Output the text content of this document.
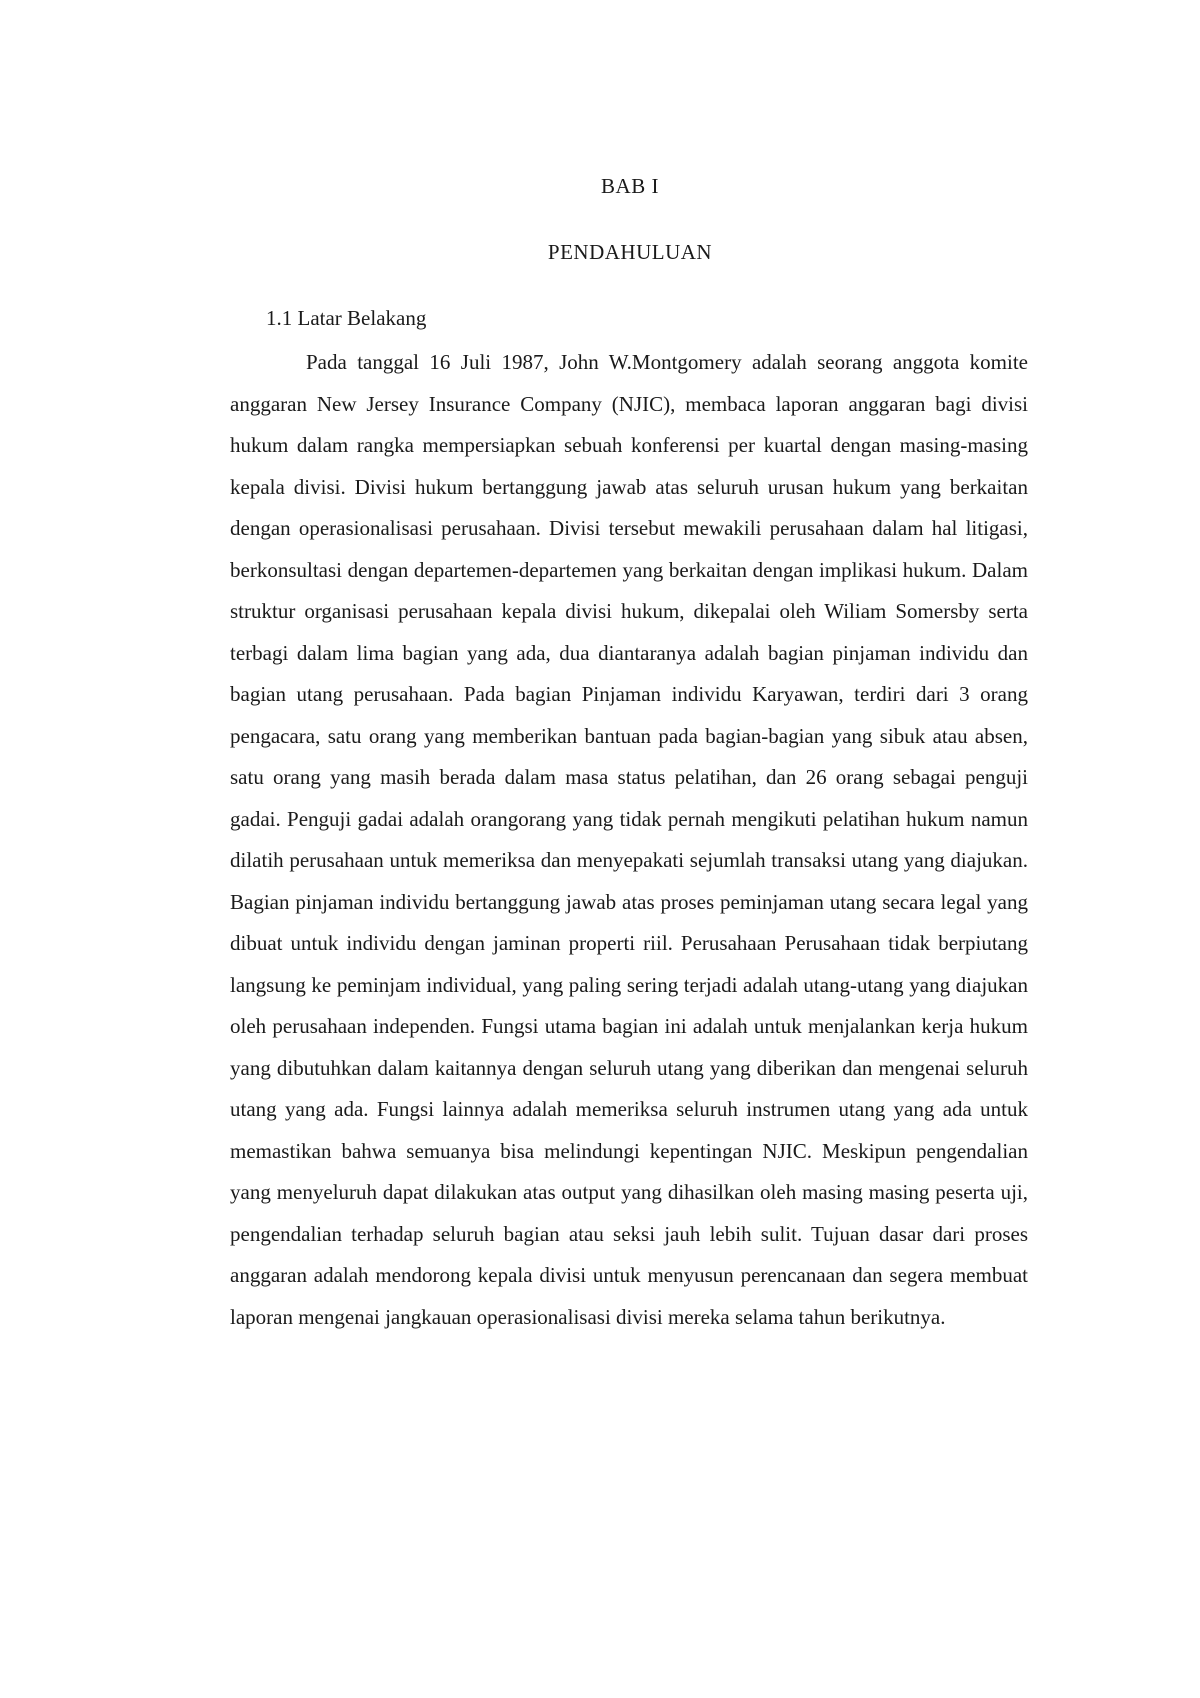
BAB I
PENDAHULUAN
1.1 Latar Belakang

Pada tanggal 16 Juli 1987, John W.Montgomery adalah seorang anggota komite anggaran New Jersey Insurance Company (NJIC), membaca laporan anggaran bagi divisi hukum dalam rangka mempersiapkan sebuah konferensi per kuartal dengan masing-masing kepala divisi. Divisi hukum bertanggung jawab atas seluruh urusan hukum yang berkaitan dengan operasionalisasi perusahaan. Divisi tersebut mewakili perusahaan dalam hal litigasi, berkonsultasi dengan departemen-departemen yang berkaitan dengan implikasi hukum. Dalam struktur organisasi perusahaan kepala divisi hukum, dikepalai oleh Wiliam Somersby serta terbagi dalam lima bagian yang ada, dua diantaranya adalah bagian pinjaman individu dan bagian utang perusahaan. Pada bagian Pinjaman individu Karyawan, terdiri dari 3 orang pengacara, satu orang yang memberikan bantuan pada bagian-bagian yang sibuk atau absen, satu orang yang masih berada dalam masa status pelatihan, dan 26 orang sebagai penguji gadai. Penguji gadai adalah orangorang yang tidak pernah mengikuti pelatihan hukum namun dilatih perusahaan untuk memeriksa dan menyepakati sejumlah transaksi utang yang diajukan. Bagian pinjaman individu bertanggung jawab atas proses peminjaman utang secara legal yang dibuat untuk individu dengan jaminan properti riil. Perusahaan Perusahaan tidak berpiutang langsung ke peminjam individual, yang paling sering terjadi adalah utang-utang yang diajukan oleh perusahaan independen. Fungsi utama bagian ini adalah untuk menjalankan kerja hukum yang dibutuhkan dalam kaitannya dengan seluruh utang yang diberikan dan mengenai seluruh utang yang ada. Fungsi lainnya adalah memeriksa seluruh instrumen utang yang ada untuk memastikan bahwa semuanya bisa melindungi kepentingan NJIC. Meskipun pengendalian yang menyeluruh dapat dilakukan atas output yang dihasilkan oleh masing masing peserta uji, pengendalian terhadap seluruh bagian atau seksi jauh lebih sulit. Tujuan dasar dari proses anggaran adalah mendorong kepala divisi untuk menyusun perencanaan dan segera membuat laporan mengenai jangkauan operasionalisasi divisi mereka selama tahun berikutnya.
